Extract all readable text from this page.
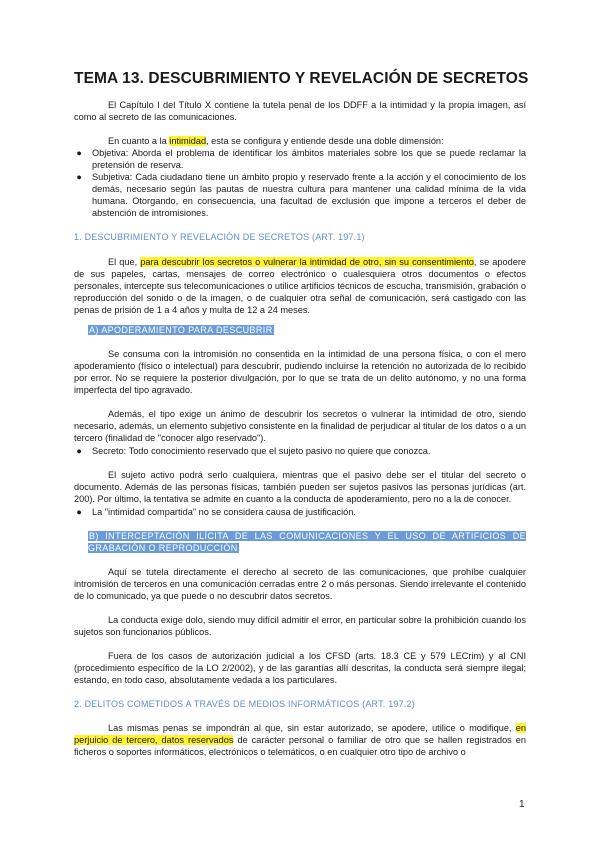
TEMA 13. DESCUBRIMIENTO Y REVELACIÓN DE SECRETOS

El Capítulo I del Título X contiene la tutela penal de los DDFF a la intimidad y la propia imagen, así como al secreto de las comunicaciones.

En cuanto a la intimidad, esta se configura y entiende desde una doble dimensión:

● Objetiva: Aborda el problema de identificar los ámbitos materiales sobre los que se puede reclamar la pretensión de reserva.
● Subjetiva: Cada ciudadano tiene un ámbito propio y reservado frente a la acción y el conocimiento de los demás, necesario según las pautas de nuestra cultura para mantener una calidad mínima de la vida humana. Otorgando, en consecuencia, una facultad de exclusión que impone a terceros el deber de abstención de intromisiones.
1. DESCUBRIMIENTO Y REVELACIÓN DE SECRETOS (ART. 197.1)

El que, para descubrir los secretos o vulnerar la intimidad de otro, sin su consentimiento, se apodere de sus papeles, cartas, mensajes de correo electrónico o cualesquiera otros documentos o efectos personales, intercepte sus telecomunicaciones o utilice artificios técnicos de escucha, transmisión, grabación o reproducción del sonido o de la imagen, o de cualquier otra señal de comunicación, será castigado con las penas de prisión de 1 a 4 años y multa de 12 a 24 meses.

A) APODERAMIENTO PARA DESCUBRIR

Se consuma con la intromisión no consentida en la intimidad de una persona física, o con el mero apoderamiento (físico o intelectual) para descubrir, pudiendo incluirse la retención no autorizada de lo recibido por error. No se requiere la posterior divulgación, por lo que se trata de un delito autónomo, y no una forma imperfecta del tipo agravado.

Además, el tipo exige un ánimo de descubrir los secretos o vulnerar la intimidad de otro, siendo necesario, además, un elemento subjetivo consistente en la finalidad de perjudicar al titular de los datos o a un tercero (finalidad de "conocer algo reservado").

● Secreto: Todo conocimiento reservado que el sujeto pasivo no quiere que conozca.

El sujeto activo podrá serlo cualquiera, mientras que el pasivo debe ser el titular del secreto o documento. Además de las personas físicas, también pueden ser sujetos pasivos las personas jurídicas (art. 200). Por último, la tentativa se admite en cuanto a la conducta de apoderamiento, pero no a la de conocer.

● La "intimidad compartida" no se considera causa de justificación.
B) INTERCEPTACIÓN ILÍCITA DE LAS COMUNICACIONES Y EL USO DE ARTIFICIOS DE GRABACIÓN O REPRODUCCIÓN

Aquí se tutela directamente el derecho al secreto de las comunicaciones, que prohíbe cualquier intromisión de terceros en una comunicación cerradas entre 2 o más personas. Siendo irrelevante el contenido de lo comunicado, ya que puede o no descubrir datos secretos.

La conducta exige dolo, siendo muy difícil admitir el error, en particular sobre la prohibición cuando los sujetos son funcionarios públicos.

Fuera de los casos de autorización judicial a los CFSD (arts. 18.3 CE y 579 LECrim) y al CNI (procedimiento específico de la LO 2/2002), y de las garantías allí descritas, la conducta será siempre ilegal; estando, en todo caso, absolutamente vedada a los particulares.

2. DELITOS COMETIDOS A TRAVÉS DE MEDIOS INFORMÁTICOS (ART. 197.2)

Las mismas penas se impondrán al que, sin estar autorizado, se apodere, utilice o modifique, en perjuicio de tercero, datos reservados de carácter personal o familiar de otro que se hallen registrados en ficheros o soportes informáticos, electrónicos o telemáticos, o en cualquier otro tipo de archivo o

1
